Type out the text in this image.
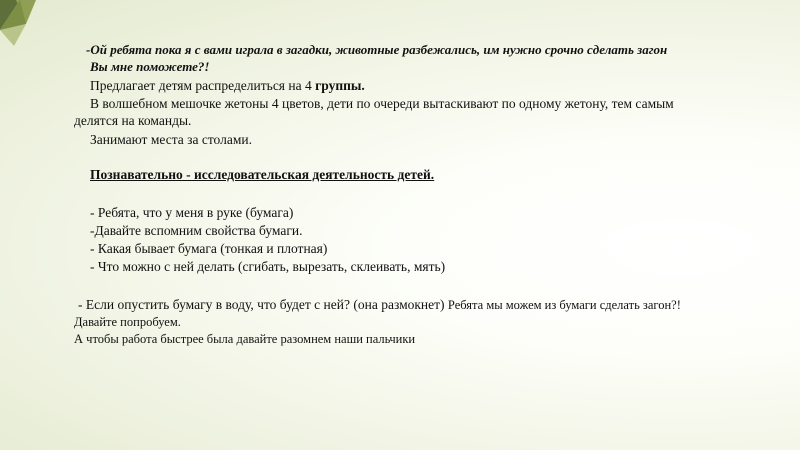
-Ой ребята пока я с вами играла в загадки, животные разбежались, им нужно срочно сделать загон
Вы мне поможете?!
Предлагает детям распределиться на 4 группы.
В волшебном мешочке жетоны 4 цветов, дети по очереди вытаскивают по одному жетону, тем самым
делятся на команды.
Занимают места за столами.
Познавательно - исследовательская деятельность детей.
- Ребята, что у меня в руке (бумага)
-Давайте вспомним свойства бумаги.
- Какая бывает бумага (тонкая и плотная)
- Что можно с ней делать (сгибать, вырезать, склеивать, мять)
- Если опустить бумагу в воду, что будет с ней? (она размокнет) Ребята мы можем из бумаги сделать загон?!
Давайте попробуем.
А чтобы работа быстрее была давайте разомнем наши пальчики
